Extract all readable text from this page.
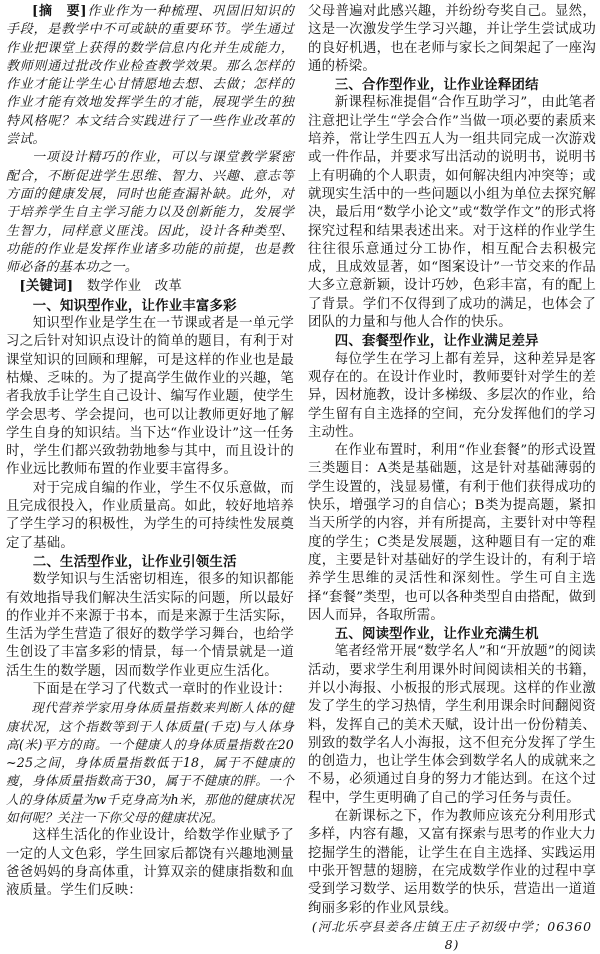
[摘　要]作业作为一种梳理、巩固旧知识的手段，是教学中不可或缺的重要环节。学生通过作业把课堂上获得的数学信息内化并生成能力，教师则通过批改作业检查教学效果。那么怎样的作业才能让学生心甘情愿地去想、去做；怎样的作业才能有效地发挥学生的才能，展现学生的独特风格呢？本文结合实践进行了一些作业改革的尝试。

一项设计精巧的作业，可以与课堂教学紧密配合，不断促进学生思维、智力、兴趣、意志等方面的健康发展，同时也能查漏补缺。此外，对于培养学生自主学习能力以及创新能力，发展学生智力，同样意义匪浅。因此，设计各种类型、功能的作业是发挥作业诸多功能的前提，也是教师必备的基本功之一。

[关键词]　 数学作业　改革

一、知识型作业，让作业丰富多彩

知识型作业是学生在一节课或者是一单元学习之后针对知识点设计的简单的题目，有利于对课堂知识的回顾和理解，可是这样的作业也是最枯燥、乏味的。为了提高学生做作业的兴趣，笔者我放手让学生自己设计、编写作业题，使学生学会思考、学会提问，也可以让教师更好地了解学生自身的知识结。当下达“作业设计”这一任务时，学生们都兴致勃勃地参与其中，而且设计的作业远比教师布置的作业要丰富得多。

对于完成自编的作业，学生不仅乐意做，而且完成很投入，作业质量高。如此，较好地培养了学生学习的积极性，为学生的可持续性发展奠定了基础。

二、生活型作业，让作业引领生活

数学知识与生活密切相连，很多的知识都能有效地指导我们解决生活实际的问题，所以最好的作业并不来源于书本，而是来源于生活实际，生活为学生营造了很好的数学学习舞台，也给学生创设了丰富多彩的情景，每一个情景就是一道活生生的数学题，因而数学作业更应生活化。

下面是在学习了代数式一章时的作业设计：

现代营养学家用身体质量指数来判断人体的健康状况，这个指数等到于人体质量(千克)与人体身高(米)平方的商。一个健康人的身体质量指数在20~25之间，身体质量指数低于18，属于不健康的瘦，身体质量指数高于30，属于不健康的胖。一个人的身体质量为w千克身高为h米，那他的健康状况如何呢？关注一下你父母的健康状况。

这样生活化的作业设计，给数学作业赋予了一定的人文色彩，学生回家后都饶有兴趣地测量爸爸妈妈的身高体重，计算双亲的健康指数和血液质量。学生们反映：

父母普遍对此感兴趣，并纷纷夸奖自己。显然，这是一次激发学生学习兴趣，并让学生尝试成功的良好机遇，也在老师与家长之间架起了一座沟通的桥梁。

三、合作型作业，让作业诠释团结

新课程标准提倡“合作互助学习”，由此笔者注意把让学生“学会合作”当做一项必要的素质来培养，常让学生四五人为一组共同完成一次游戏或一件作品，并要求写出活动的说明书，说明书上有明确的个人职责，如何解决组内冲突等；或就现实生活中的一些问题以小组为单位去探究解决，最后用“数学小论文”或“数学作文”的形式将探究过程和结果表述出来。对于这样的作业学生往往很乐意通过分工协作，相互配合去积极完成，且成效显著，如“图案设计”一节交来的作品大多立意新颖，设计巧妙，色彩丰富，有的配上了背景。学们不仅得到了成功的满足，也体会了团队的力量和与他人合作的快乐。

四、套餐型作业，让作业满足差异

每位学生在学习上都有差异，这种差异是客观存在的。在设计作业时，教师要针对学生的差异，因材施教，设计多梯级、多层次的作业，给学生留有自主选择的空间，充分发挥他们的学习主动性。

在作业布置时，利用“作业套餐”的形式设置三类题目：A类是基础题，这是针对基础薄弱的学生设置的，浅显易懂，有利于他们获得成功的快乐，增强学习的自信心；B类为提高题，紧扣当天所学的内容，并有所提高，主要针对中等程度的学生；C类是发展题，这种题目有一定的难度，主要是针对基础好的学生设计的，有利于培养学生思维的灵活性和深刻性。学生可自主选择“套餐”类型，也可以各种类型自由搭配，做到因人而异，各取所需。

五、阅读型作业，让作业充满生机

笔者经常开展“数学名人”和“开放题”的阅读活动，要求学生利用课外时间阅读相关的书籍，并以小海报、小板报的形式展现。这样的作业激发了学生的学习热情，学生利用课余时间翻阅资料，发挥自己的美术天赋，设计出一份份精美、别致的数学名人小海报，这不但充分发挥了学生的创造力，也让学生体会到数学名人的成就来之不易，必须通过自身的努力才能达到。在这个过程中，学生更明确了自己的学习任务与责任。

在新课标之下，作为教师应该充分利用形式多样，内容有趣，又富有探索与思考的作业大力挖掘学生的潜能，让学生在自主选择、实践运用中张开智慧的翅膀，在完成数学作业的过程中享受到学习数学、运用数学的快乐，营造出一道道绚丽多彩的作业风景线。

(河北乐亭县姜各庄镇王庄子初级中学；063608)
